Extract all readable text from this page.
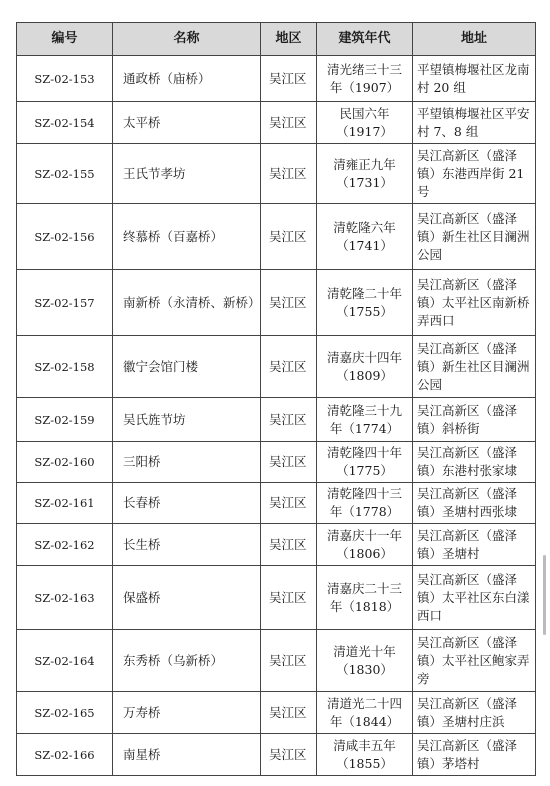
编号	名称	地区	建筑年代	地址
SZ-02-153	通政桥（庙桥）	吴江区	清光绪三十三年（1907）	平望镇梅堰社区龙南村 20 组
SZ-02-154	太平桥	吴江区	民国六年（1917）	平望镇梅堰社区平安村 7、8 组
SZ-02-155	王氏节孝坊	吴江区	清雍正九年（1731）	吴江高新区（盛泽镇）东港西岸街 21 号
SZ-02-156	终慕桥（百嘉桥）	吴江区	清乾隆六年（1741）	吴江高新区（盛泽镇）新生社区目澜洲公园
SZ-02-157	南新桥（永清桥、新桥）	吴江区	清乾隆二十年（1755）	吴江高新区（盛泽镇）太平社区南新桥弄西口
SZ-02-158	徽宁会馆门楼	吴江区	清嘉庆十四年（1809）	吴江高新区（盛泽镇）新生社区目澜洲公园
SZ-02-159	吴氏旌节坊	吴江区	清乾隆三十九年（1774）	吴江高新区（盛泽镇）斜桥街
SZ-02-160	三阳桥	吴江区	清乾隆四十年（1775）	吴江高新区（盛泽镇）东港村张家埭
SZ-02-161	长春桥	吴江区	清乾隆四十三年（1778）	吴江高新区（盛泽镇）圣塘村西张埭
SZ-02-162	长生桥	吴江区	清嘉庆十一年（1806）	吴江高新区（盛泽镇）圣塘村
SZ-02-163	保盛桥	吴江区	清嘉庆二十三年（1818）	吴江高新区（盛泽镇）太平社区东白漾西口
SZ-02-164	东秀桥（乌新桥）	吴江区	清道光十年（1830）	吴江高新区（盛泽镇）太平社区鲍家弄旁
SZ-02-165	万寿桥	吴江区	清道光二十四年（1844）	吴江高新区（盛泽镇）圣塘村庄浜
SZ-02-166	南星桥	吴江区	清咸丰五年（1855）	吴江高新区（盛泽镇）茅塔村
